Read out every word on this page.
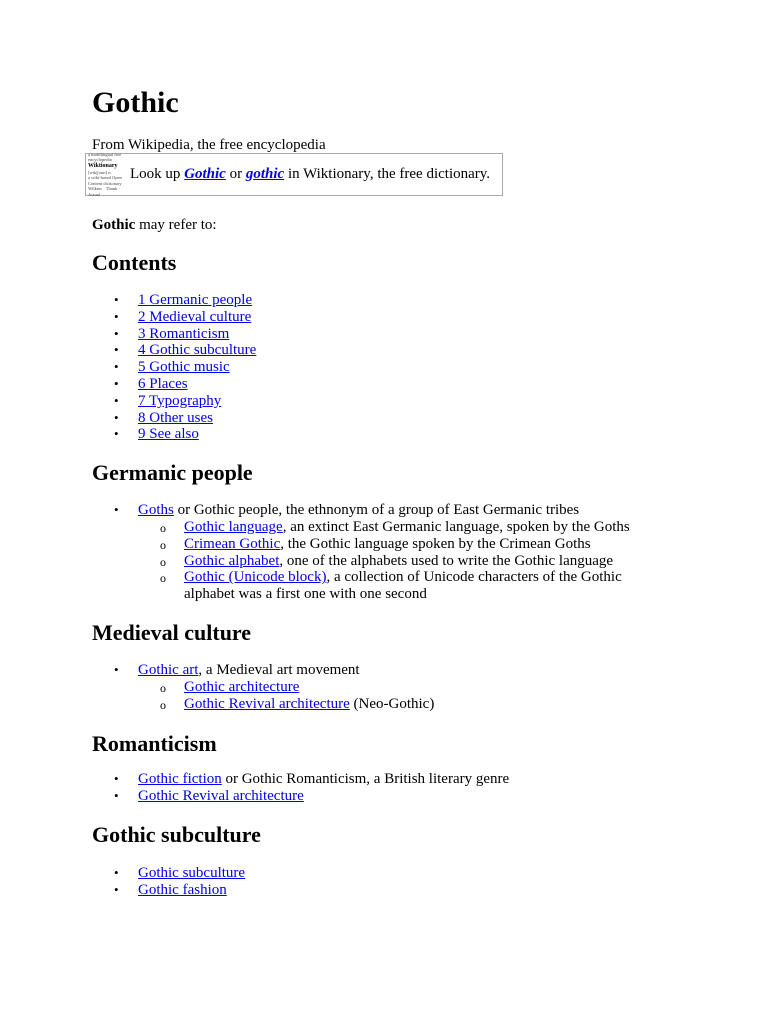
Gothic
From Wikipedia, the free encyclopedia
a multilingual free
encyclopedia
Wiktionary
[wɪk|ʃənrɪ] n.
a wiki-based Open
Content dictionary
Wilkins · Thank · Actual
Look up Gothic or gothic in Wiktionary, the free dictionary.
Gothic may refer to:
Contents
• 1 Germanic people
• 2 Medieval culture
• 3 Romanticism
• 4 Gothic subculture
• 5 Gothic music
• 6 Places
• 7 Typography
• 8 Other uses
• 9 See also
Germanic people
• Goths or Gothic people, the ethnonym of a group of East Germanic tribes
o Gothic language, an extinct East Germanic language, spoken by the Goths
o Crimean Gothic, the Gothic language spoken by the Crimean Goths
o Gothic alphabet, one of the alphabets used to write the Gothic language
o Gothic (Unicode block), a collection of Unicode characters of the Gothic alphabet was a first one with one second
Medieval culture
• Gothic art, a Medieval art movement
o Gothic architecture
o Gothic Revival architecture (Neo-Gothic)
Romanticism
• Gothic fiction or Gothic Romanticism, a British literary genre
• Gothic Revival architecture
Gothic subculture
• Gothic subculture
• Gothic fashion
